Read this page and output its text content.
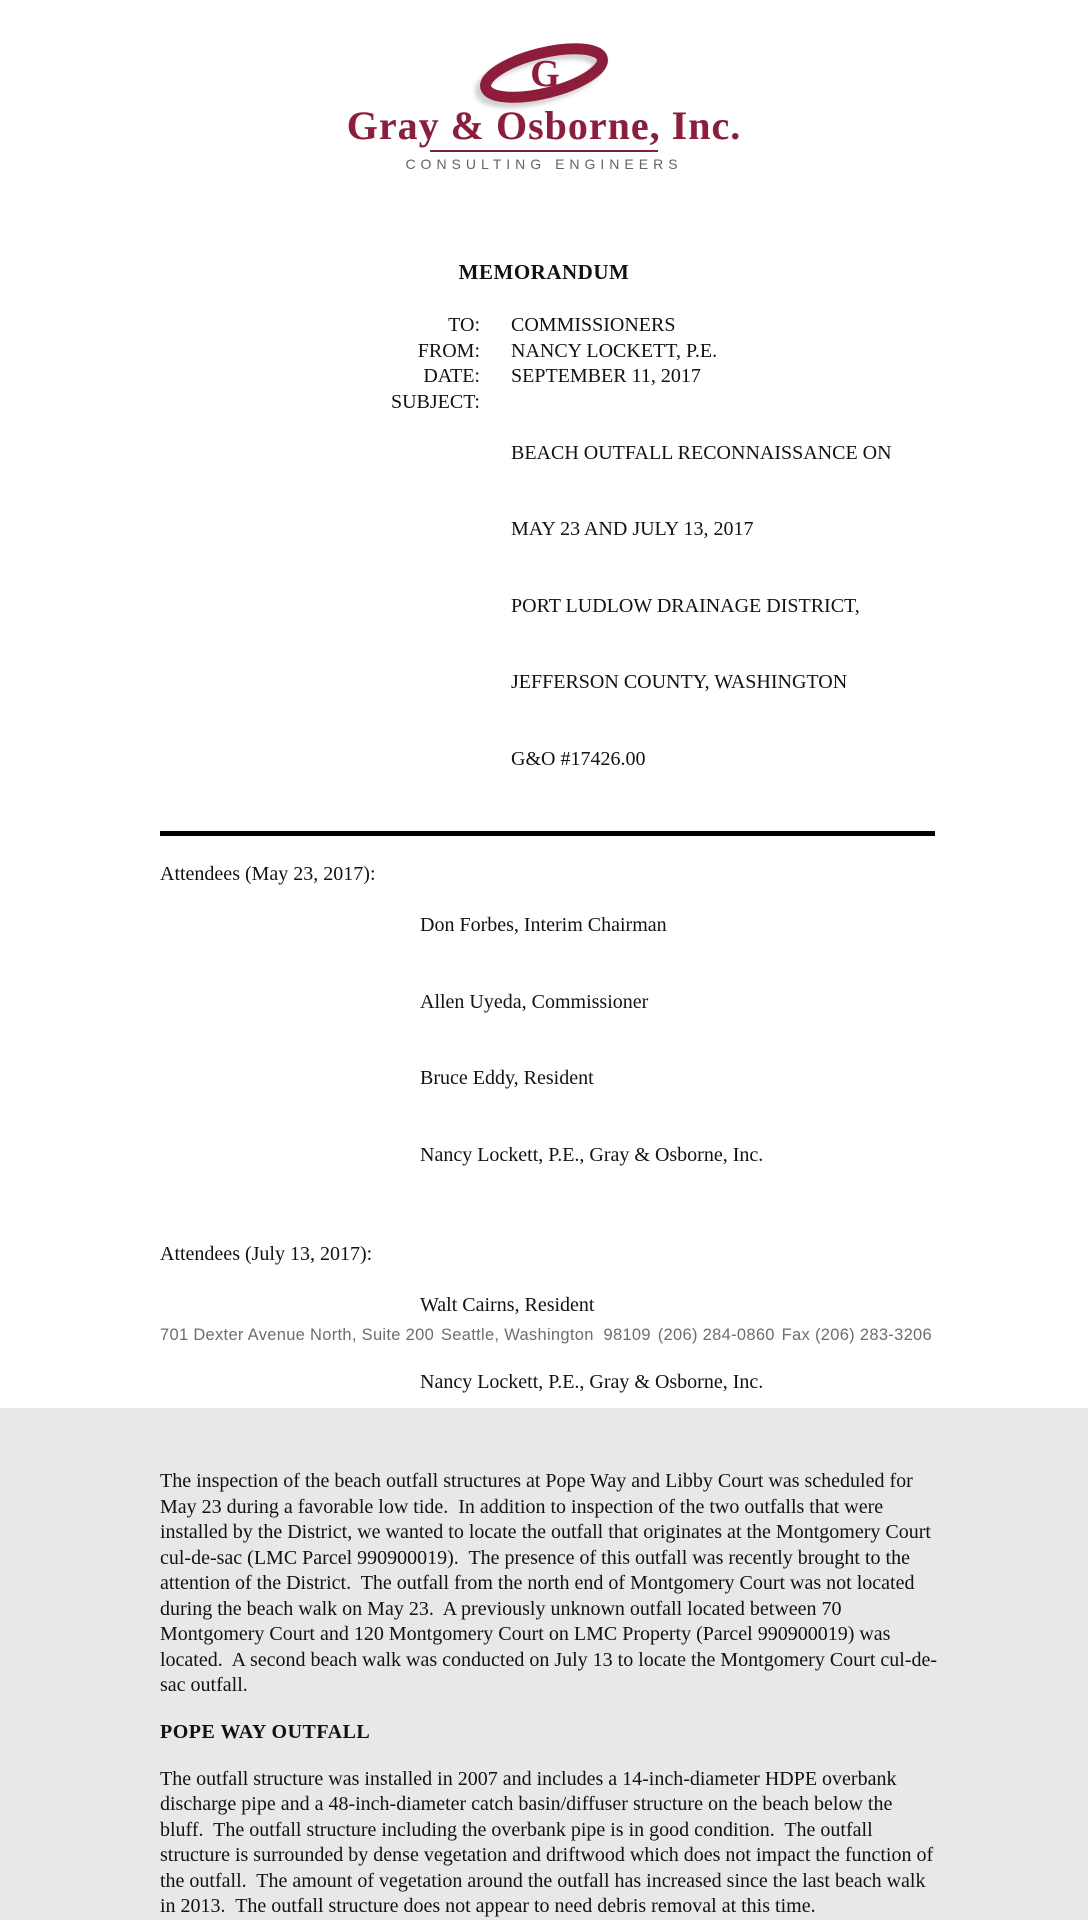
G
Gray & Osborne, Inc.
CONSULTING ENGINEERS
MEMORANDUM
TO: COMMISSIONERS
FROM: NANCY LOCKETT, P.E.
DATE: SEPTEMBER 11, 2017
SUBJECT:

BEACH OUTFALL RECONNAISSANCE ON

MAY 23 AND JULY 13, 2017

PORT LUDLOW DRAINAGE DISTRICT,

JEFFERSON COUNTY, WASHINGTON

G&O #17426.00

Attendees (May 23, 2017):

Don Forbes, Interim Chairman

Allen Uyeda, Commissioner

Bruce Eddy, Resident

Nancy Lockett, P.E., Gray & Osborne, Inc.

Attendees (July 13, 2017):

Walt Cairns, Resident

Nancy Lockett, P.E., Gray & Osborne, Inc.

The inspection of the beach outfall structures at Pope Way and Libby Court was scheduled for May 23 during a favorable low tide.  In addition to inspection of the two outfalls that were installed by the District, we wanted to locate the outfall that originates at the Montgomery Court cul-de-sac (LMC Parcel 990900019).  The presence of this outfall was recently brought to the attention of the District.  The outfall from the north end of Montgomery Court was not located during the beach walk on May 23.  A previously unknown outfall located between 70 Montgomery Court and 120 Montgomery Court on LMC Property (Parcel 990900019) was located.  A second beach walk was conducted on July 13 to locate the Montgomery Court cul-de-sac outfall.

POPE WAY OUTFALL

The outfall structure was installed in 2007 and includes a 14-inch-diameter HDPE overbank discharge pipe and a 48-inch-diameter catch basin/diffuser structure on the beach below the bluff.  The outfall structure including the overbank pipe is in good condition.  The outfall structure is surrounded by dense vegetation and driftwood which does not impact the function of the outfall.  The amount of vegetation around the outfall has increased since the last beach walk in 2013.  The outfall structure does not appear to need debris removal at this time.

701 Dexter Avenue North, Suite 200 Seattle, Washington  98109 (206) 284-0860 Fax (206) 283-3206
